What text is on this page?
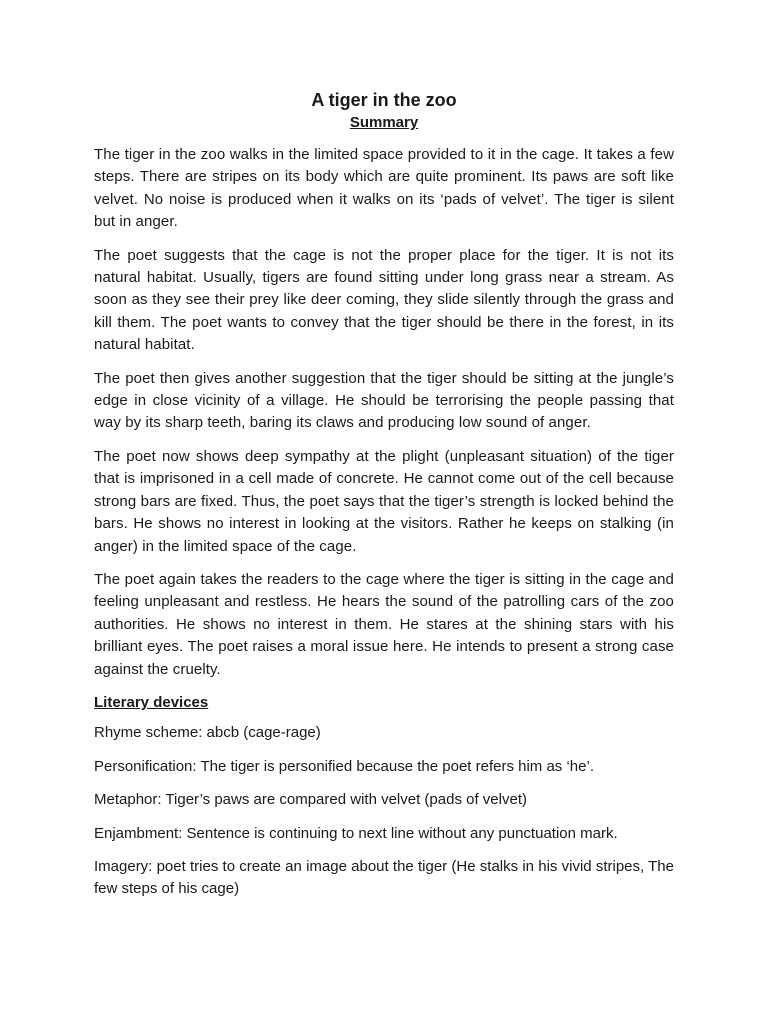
A tiger in the zoo
Summary

The tiger in the zoo walks in the limited space provided to it in the cage. It takes a few steps. There are stripes on its body which are quite prominent. Its paws are soft like velvet. No noise is produced when it walks on its ‘pads of velvet’. The tiger is silent but in anger.

The poet suggests that the cage is not the proper place for the tiger. It is not its natural habitat. Usually, tigers are found sitting under long grass near a stream. As soon as they see their prey like deer coming, they slide silently through the grass and kill them. The poet wants to convey that the tiger should be there in the forest, in its natural habitat.

The poet then gives another suggestion that the tiger should be sitting at the jungle’s edge in close vicinity of a village. He should be terrorising the people passing that way by its sharp teeth, baring its claws and producing low sound of anger.

The poet now shows deep sympathy at the plight (unpleasant situation) of the tiger that is imprisoned in a cell made of concrete. He cannot come out of the cell because strong bars are fixed. Thus, the poet says that the tiger’s strength is locked behind the bars. He shows no interest in looking at the visitors. Rather he keeps on stalking (in anger) in the limited space of the cage.

The poet again takes the readers to the cage where the tiger is sitting in the cage and feeling unpleasant and restless. He hears the sound of the patrolling cars of the zoo authorities. He shows no interest in them. He stares at the shining stars with his brilliant eyes. The poet raises a moral issue here. He intends to present a strong case against the cruelty.

Literary devices

Rhyme scheme: abcb (cage-rage)

Personification: The tiger is personified because the poet refers him as ‘he’.

Metaphor: Tiger’s paws are compared with velvet (pads of velvet)

Enjambment: Sentence is continuing to next line without any punctuation mark.

Imagery: poet tries to create an image about the tiger (He stalks in his vivid stripes, The few steps of his cage)
